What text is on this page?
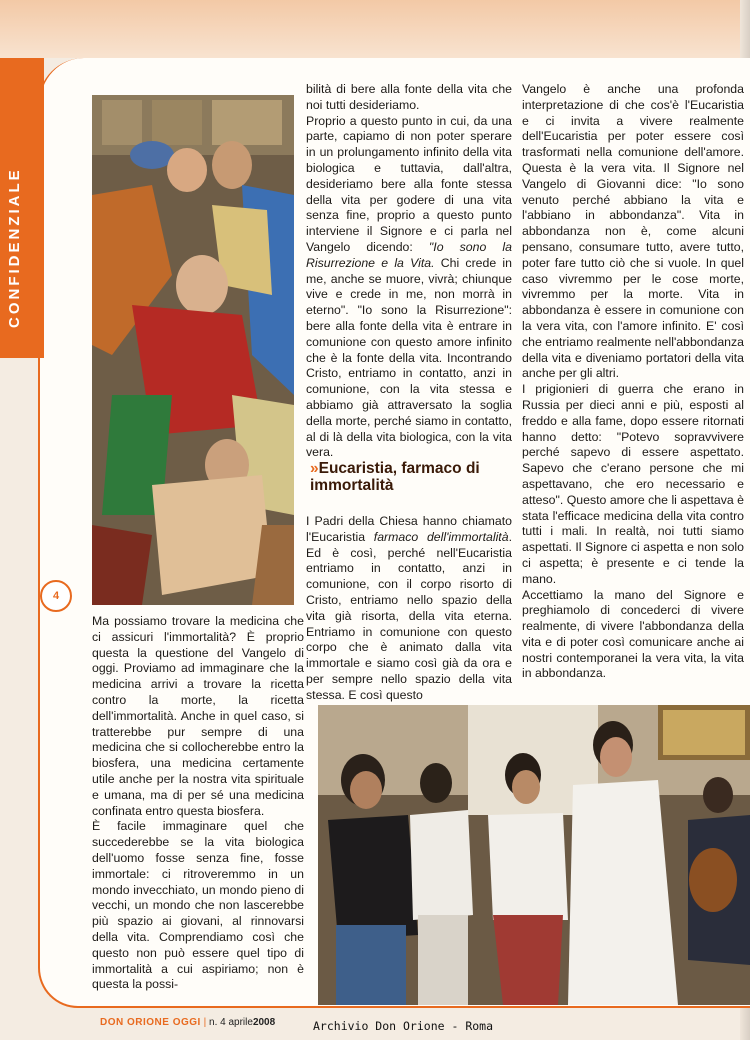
CONFIDENZIALE
4

Ma possiamo trovare la medicina che ci assicuri l'immortalità? È proprio questa la questione del Vangelo di oggi. Proviamo ad immaginare che la medicina arrivi a trovare la ricetta contro la morte, la ricetta dell'immortalità. Anche in quel caso, si tratterebbe pur sempre di una medicina che si collocherebbe entro la biosfera, una medicina certamente utile anche per la nostra vita spirituale e umana, ma di per sé una medicina confinata entro questa biosfera.

È facile immaginare quel che succederebbe se la vita biologica dell'uomo fosse senza fine, fosse immortale: ci ritroveremmo in un mondo invecchiato, un mondo pieno di vecchi, un mondo che non lascerebbe più spazio ai giovani, al rinnovarsi della vita. Comprendiamo così che questo non può essere quel tipo di immortalità a cui aspiriamo; non è questa la possi-

bilità di bere alla fonte della vita che noi tutti desideriamo.

Proprio a questo punto in cui, da una parte, capiamo di non poter sperare in un prolungamento infinito della vita biologica e tuttavia, dall'altra, desideriamo bere alla fonte stessa della vita per godere di una vita senza fine, proprio a questo punto interviene il Signore e ci parla nel Vangelo dicendo: "Io sono la Risurrezione e la Vita. Chi crede in me, anche se muore, vivrà; chiunque vive e crede in me, non morrà in eterno". "Io sono la Risurrezione": bere alla fonte della vita è entrare in comunione con questo amore infinito che è la fonte della vita. Incontrando Cristo, entriamo in contatto, anzi in comunione, con la vita stessa e abbiamo già attraversato la soglia della morte, perché siamo in contatto, al di là della vita biologica, con la vita vera.

»Eucaristia, farmaco di immortalità

I Padri della Chiesa hanno chiamato l'Eucaristia farmaco dell'immortalità. Ed è così, perché nell'Eucaristia entriamo in contatto, anzi in comunione, con il corpo risorto di Cristo, entriamo nello spazio della vita già risorta, della vita eterna. Entriamo in comunione con questo corpo che è animato dalla vita immortale e siamo così già da ora e per sempre nello spazio della vita stessa. E così questo

Vangelo è anche una profonda interpretazione di che cos'è l'Eucaristia e ci invita a vivere realmente dell'Eucaristia per poter essere così trasformati nella comunione dell'amore. Questa è la vera vita. Il Signore nel Vangelo di Giovanni dice: "Io sono venuto perché abbiano la vita e l'abbiano in abbondanza". Vita in abbondanza non è, come alcuni pensano, consumare tutto, avere tutto, poter fare tutto ciò che si vuole. In quel caso vivremmo per le cose morte, vivremmo per la morte. Vita in abbondanza è essere in comunione con la vera vita, con l'amore infinito. E' così che entriamo realmente nell'abbondanza della vita e diveniamo portatori della vita anche per gli altri.

I prigionieri di guerra che erano in Russia per dieci anni e più, esposti al freddo e alla fame, dopo essere ritornati hanno detto: "Potevo sopravvivere perché sapevo di essere aspettato. Sapevo che c'erano persone che mi aspettavano, che ero necessario e atteso". Questo amore che li aspettava è stata l'efficace medicina della vita contro tutti i mali. In realtà, noi tutti siamo aspettati. Il Signore ci aspetta e non solo ci aspetta; è presente e ci tende la mano.

Accettiamo la mano del Signore e preghiamolo di concederci di vivere realmente, di vivere l'abbondanza della vita e di poter così comunicare anche ai nostri contemporanei la vera vita, la vita in abbondanza.

DON ORIONE OGGI | n. 4 aprile2008	Archivio Don Orione - Roma
